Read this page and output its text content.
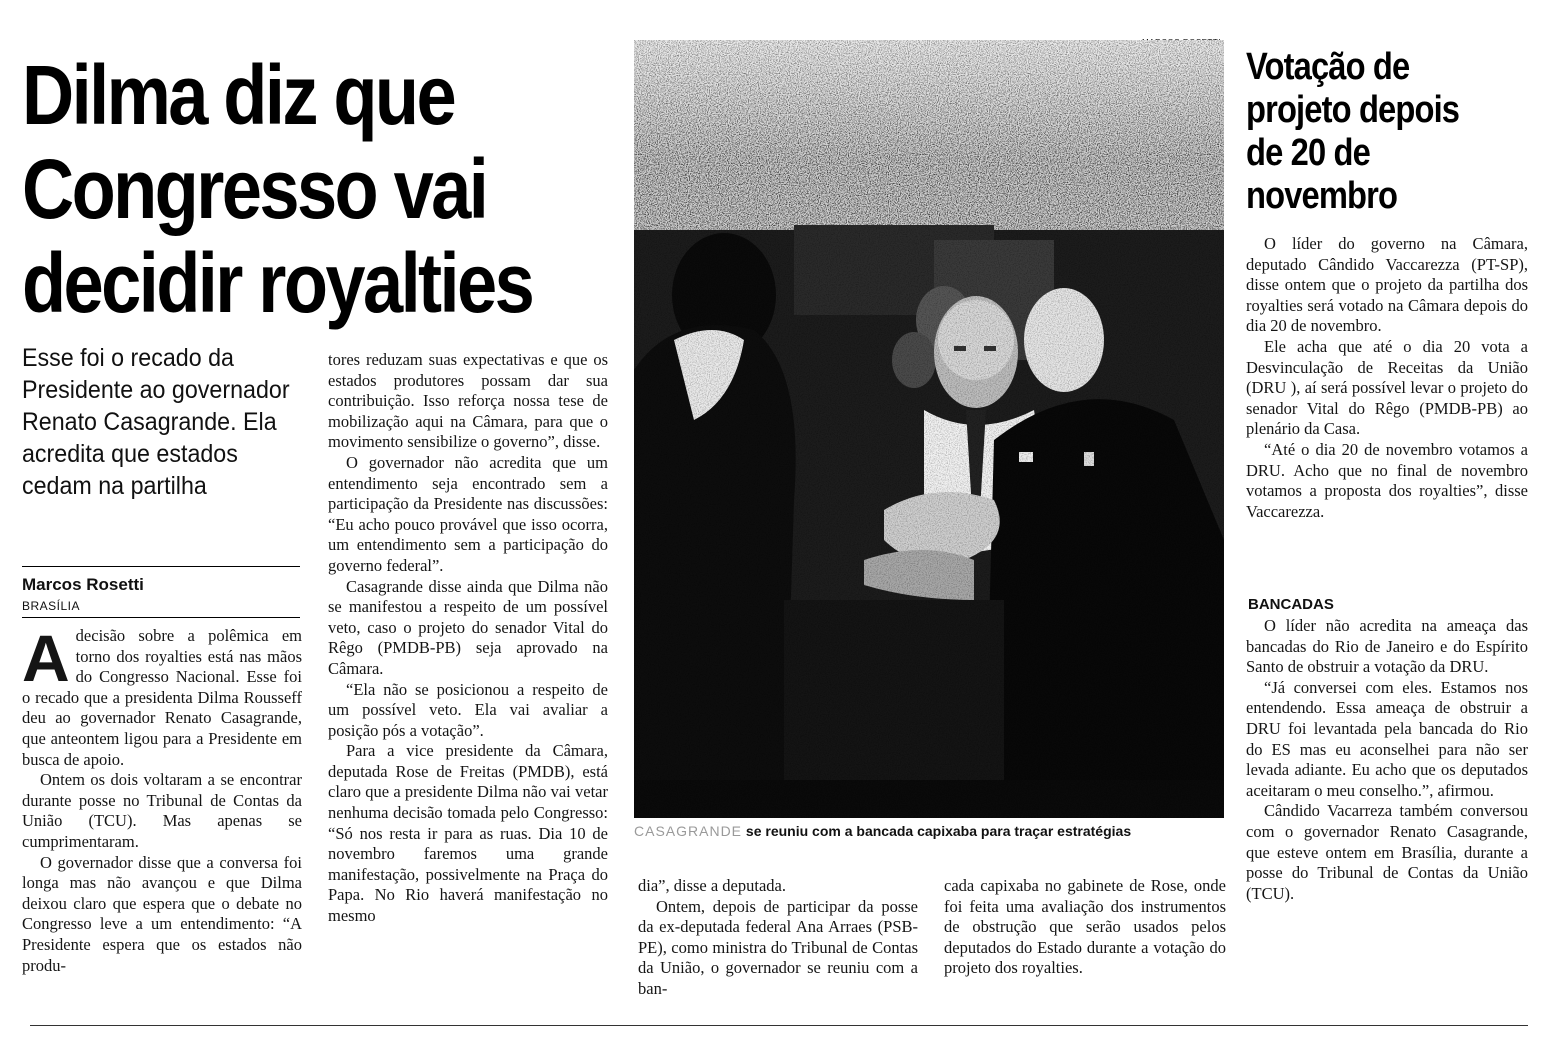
Dilma diz que Congresso vai decidir royalties
Esse foi o recado da Presidente ao governador Renato Casagrande. Ela acredita que estados cedam na partilha
Marcos Rosetti
BRASÍLIA

Adecisão sobre a polêmica em torno dos royalties está nas mãos do Congresso Nacional. Esse foi o recado que a presidenta Dilma Rousseff deu ao governador Renato Casagrande, que anteontem ligou para a Presidente em busca de apoio.

Ontem os dois voltaram a se encontrar durante posse no Tribunal de Contas da União (TCU). Mas apenas se cumprimentaram.

O governador disse que a conversa foi longa mas não avançou e que Dilma deixou claro que espera que o debate no Congresso leve a um entendimento: “A Presidente espera que os estados não produ-

tores reduzam suas expectativas e que os estados produtores possam dar sua contribuição. Isso reforça nossa tese de mobilização aqui na Câmara, para que o movimento sensibilize o governo”, disse.

O governador não acredita que um entendimento seja encontrado sem a participação da Presidente nas discussões: “Eu acho pouco provável que isso ocorra, um entendimento sem a participação do governo federal”.

Casagrande disse ainda que Dilma não se manifestou a respeito de um possível veto, caso o projeto do senador Vital do Rêgo (PMDB-PB) seja aprovado na Câmara.

“Ela não se posicionou a respeito de um possível veto. Ela vai avaliar a posição pós a votação”.

Para a vice presidente da Câmara, deputada Rose de Freitas (PMDB), está claro que a presidente Dilma não vai vetar nenhuma decisão tomada pelo Congresso: “Só nos resta ir para as ruas. Dia 10 de novembro faremos uma grande manifestação, possivelmente na Praça do Papa. No Rio haverá manifestação no mesmo

CASAGRANDE se reuniu com a bancada capixaba para traçar estratégias

dia”, disse a deputada.

Ontem, depois de participar da posse da ex-deputada federal Ana Arraes (PSB-PE), como ministra do Tribunal de Contas da União, o governador se reuniu com a ban-

cada capixaba no gabinete de Rose, onde foi feita uma avaliação dos instrumentos de obstrução que serão usados pelos deputados do Estado durante a votação do projeto dos royalties.

Votação de projeto depois de 20 de novembro

O líder do governo na Câmara, deputado Cândido Vaccarezza (PT-SP), disse ontem que o projeto da partilha dos royalties será votado na Câmara depois do dia 20 de novembro.

Ele acha que até o dia 20 vota a Desvinculação de Receitas da União (DRU ), aí será possível levar o projeto do senador Vital do Rêgo (PMDB-PB) ao plenário da Casa.

“Até o dia 20 de novembro votamos a DRU. Acho que no final de novembro votamos a proposta dos royalties”, disse Vaccarezza.

BANCADAS

O líder não acredita na ameaça das bancadas do Rio de Janeiro e do Espírito Santo de obstruir a votação da DRU.

“Já conversei com eles. Estamos nos entendendo. Essa ameaça de obstruir a DRU foi levantada pela bancada do Rio do ES mas eu aconselhei para não ser levada adiante. Eu acho que os deputados aceitaram o meu conselho.”, afirmou.

Cândido Vacarreza também conversou com o governador Renato Casagrande, que esteve ontem em Brasília, durante a posse do Tribunal de Contas da União (TCU).
